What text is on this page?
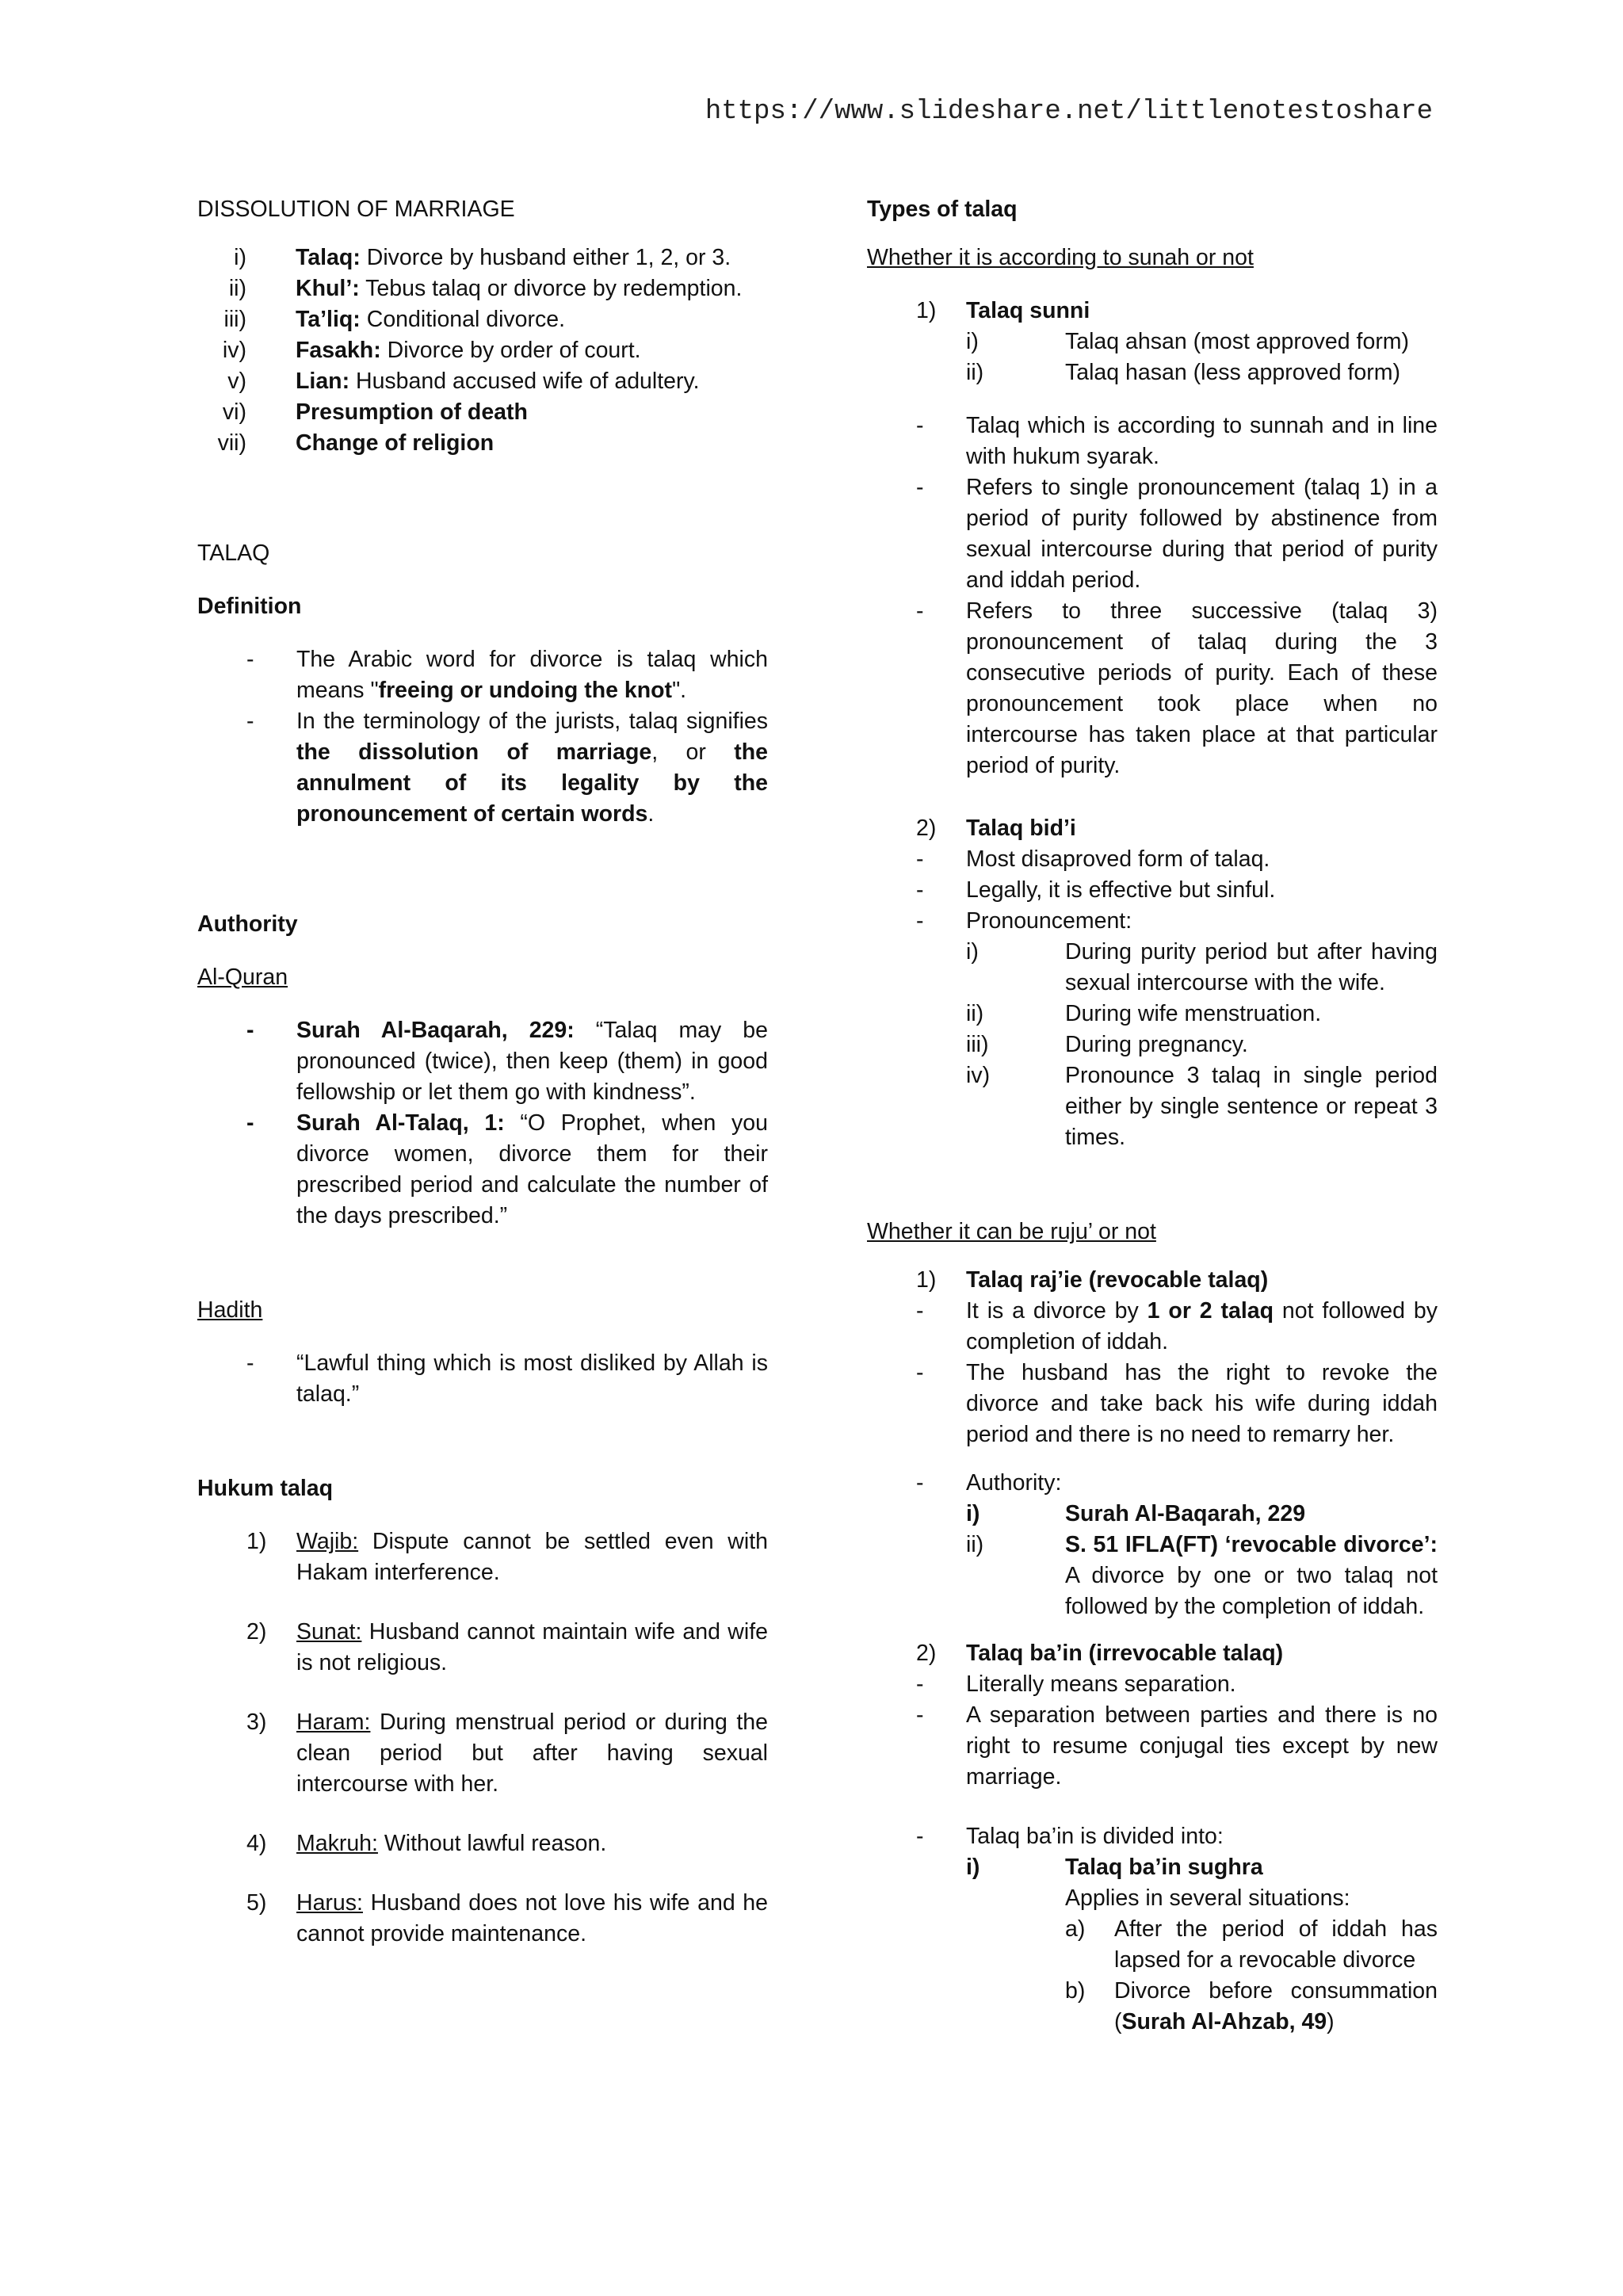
https://www.slideshare.net/littlenotestoshare
DISSOLUTION OF MARRIAGE
i) Talaq: Divorce by husband either 1, 2, or 3.
ii) Khul’: Tebus talaq or divorce by redemption.
iii) Ta’liq: Conditional divorce.
iv) Fasakh: Divorce by order of court.
v) Lian: Husband accused wife of adultery.
vi) Presumption of death
vii) Change of religion
TALAQ
Definition
-	The Arabic word for divorce is talaq which means "freeing or undoing the knot".
-	In the terminology of the jurists, talaq signifies the dissolution of marriage, or the annulment of its legality by the pronouncement of certain words.
Authority
Al-Quran
-	Surah Al-Baqarah, 229: “Talaq may be pronounced (twice), then keep (them) in good fellowship or let them go with kindness”.
-	Surah Al-Talaq, 1: “O Prophet, when you divorce women, divorce them for their prescribed period and calculate the number of the days prescribed.”
Hadith
-	“Lawful thing which is most disliked by Allah is talaq.”
Hukum talaq
1)	Wajib: Dispute cannot be settled even with Hakam interference.
2)	Sunat: Husband cannot maintain wife and wife is not religious.
3)	Haram: During menstrual period or during the clean period but after having sexual intercourse with her.
4)	Makruh: Without lawful reason.
5)	Harus: Husband does not love his wife and he cannot provide maintenance.
Types of talaq
Whether it is according to sunah or not
1)	Talaq sunni
i)	Talaq ahsan (most approved form)
ii)	Talaq hasan (less approved form)
-	Talaq which is according to sunnah and in line with hukum syarak.
-	Refers to single pronouncement (talaq 1) in a period of purity followed by abstinence from sexual intercourse during that period of purity and iddah period.
-	Refers to three successive (talaq 3) pronouncement of talaq during the 3 consecutive periods of purity. Each of these pronouncement took place when no intercourse has taken place at that particular period of purity.
2)	Talaq bid’i
-	Most disaproved form of talaq.
-	Legally, it is effective but sinful.
-	Pronouncement:
i)	During purity period but after having sexual intercourse with the wife.
ii)	During wife menstruation.
iii)	During pregnancy.
iv)	Pronounce 3 talaq in single period either by single sentence or repeat 3 times.
Whether it can be ruju’ or not
1)	Talaq raj’ie (revocable talaq)
-	It is a divorce by 1 or 2 talaq not followed by completion of iddah.
-	The husband has the right to revoke the divorce and take back his wife during iddah period and there is no need to remarry her.
-	Authority:
i)	Surah Al-Baqarah, 229
ii)	S. 51 IFLA(FT) ‘revocable divorce’: A divorce by one or two talaq not followed by the completion of iddah.
2)	Talaq ba’in (irrevocable talaq)
-	Literally means separation.
-	A separation between parties and there is no right to resume conjugal ties except by new marriage.
-	Talaq ba’in is divided into:
i)	Talaq ba’in sughra
Applies in several situations:
a)	After the period of iddah has lapsed for a revocable divorce
b)	Divorce before consummation (Surah Al-Ahzab, 49)
